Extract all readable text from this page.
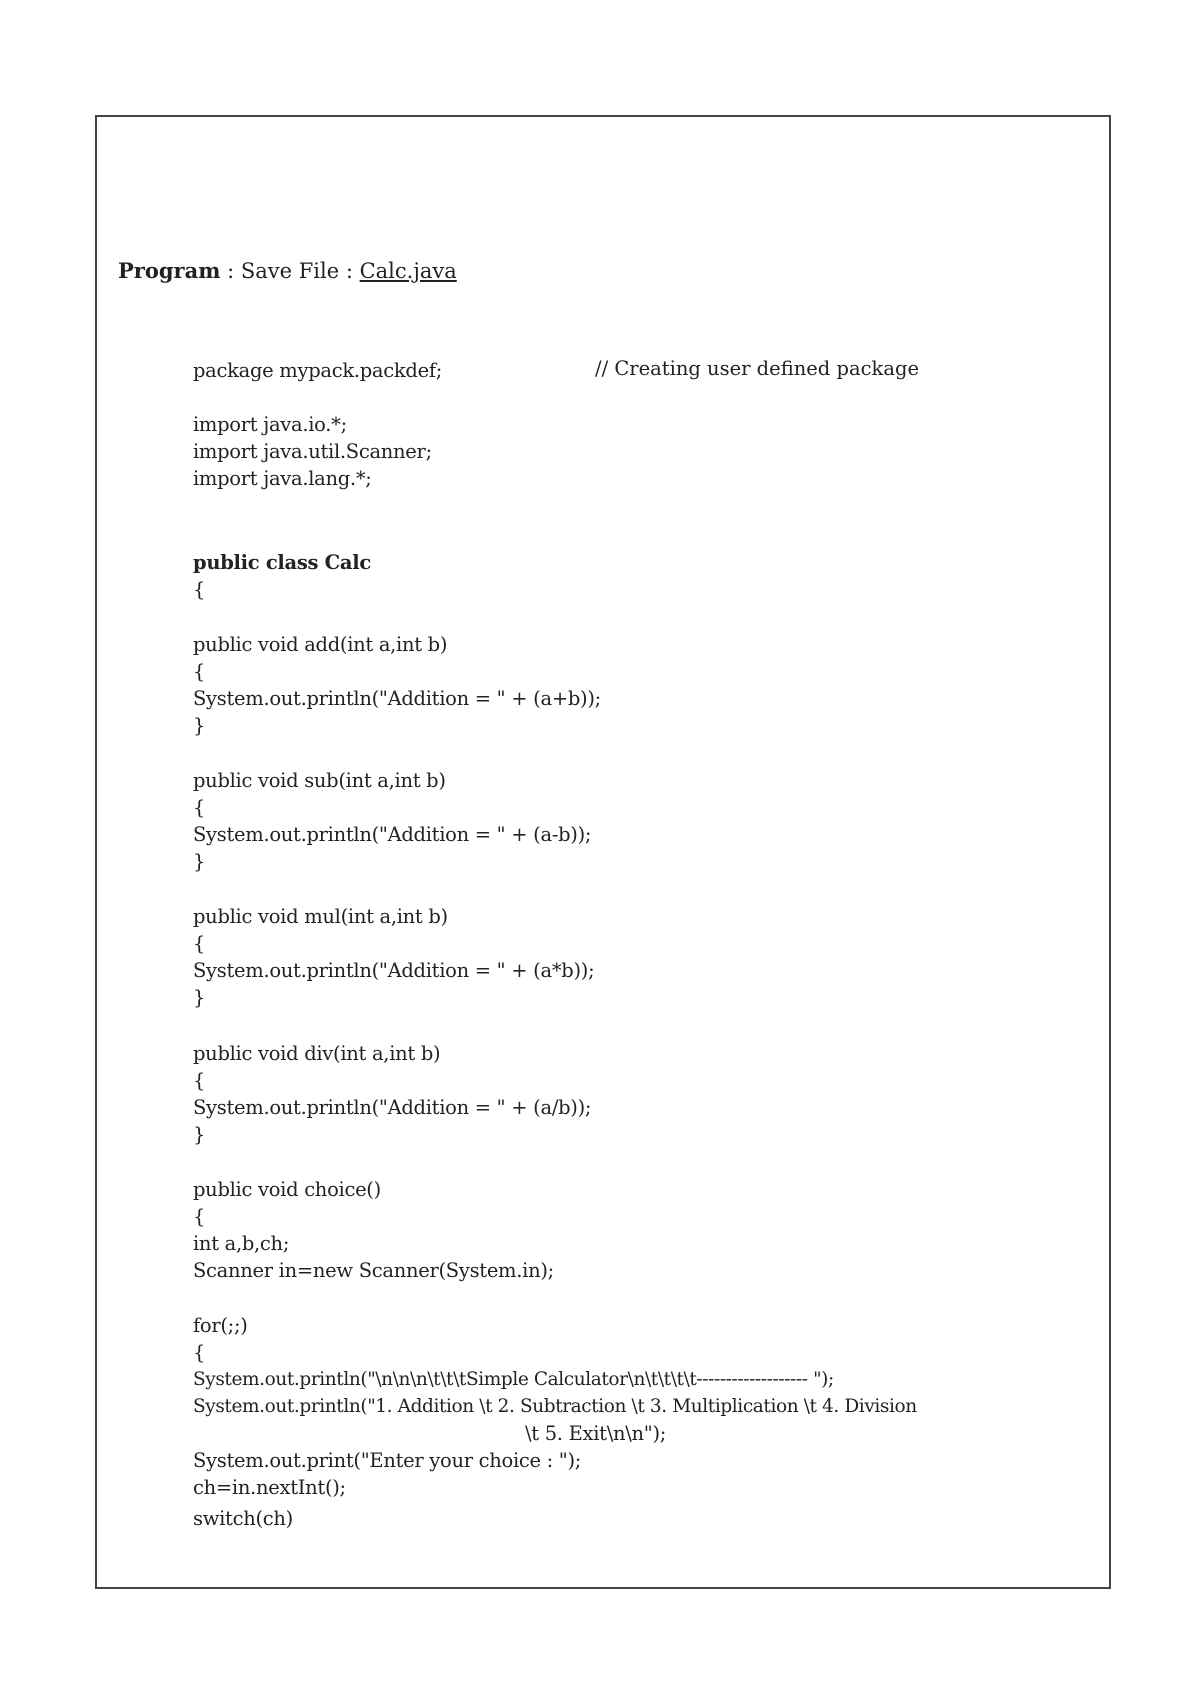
Program : Save File : Calc.java
package mypack.packdef;	// Creating user defined package
import java.io.*;
import java.util.Scanner;
import java.lang.*;
public class Calc
{
public void add(int a,int b)
{
System.out.println("Addition = " + (a+b));
}
public void sub(int a,int b)
{
System.out.println("Addition = " + (a-b));
}
public void mul(int a,int b)
{
System.out.println("Addition = " + (a*b));
}
public void div(int a,int b)
{
System.out.println("Addition = " + (a/b));
}
public void choice()
{
int a,b,ch;
Scanner in=new Scanner(System.in);
for(;;)
{
System.out.println("\n\n\n\t\t\tSimple Calculator\n\t\t\t\t------------------- ");
System.out.println("1. Addition \t 2. Subtraction \t 3. Multiplication \t 4. Division
\t 5. Exit\n\n");
System.out.print("Enter your choice : ");
ch=in.nextInt();
switch(ch)
